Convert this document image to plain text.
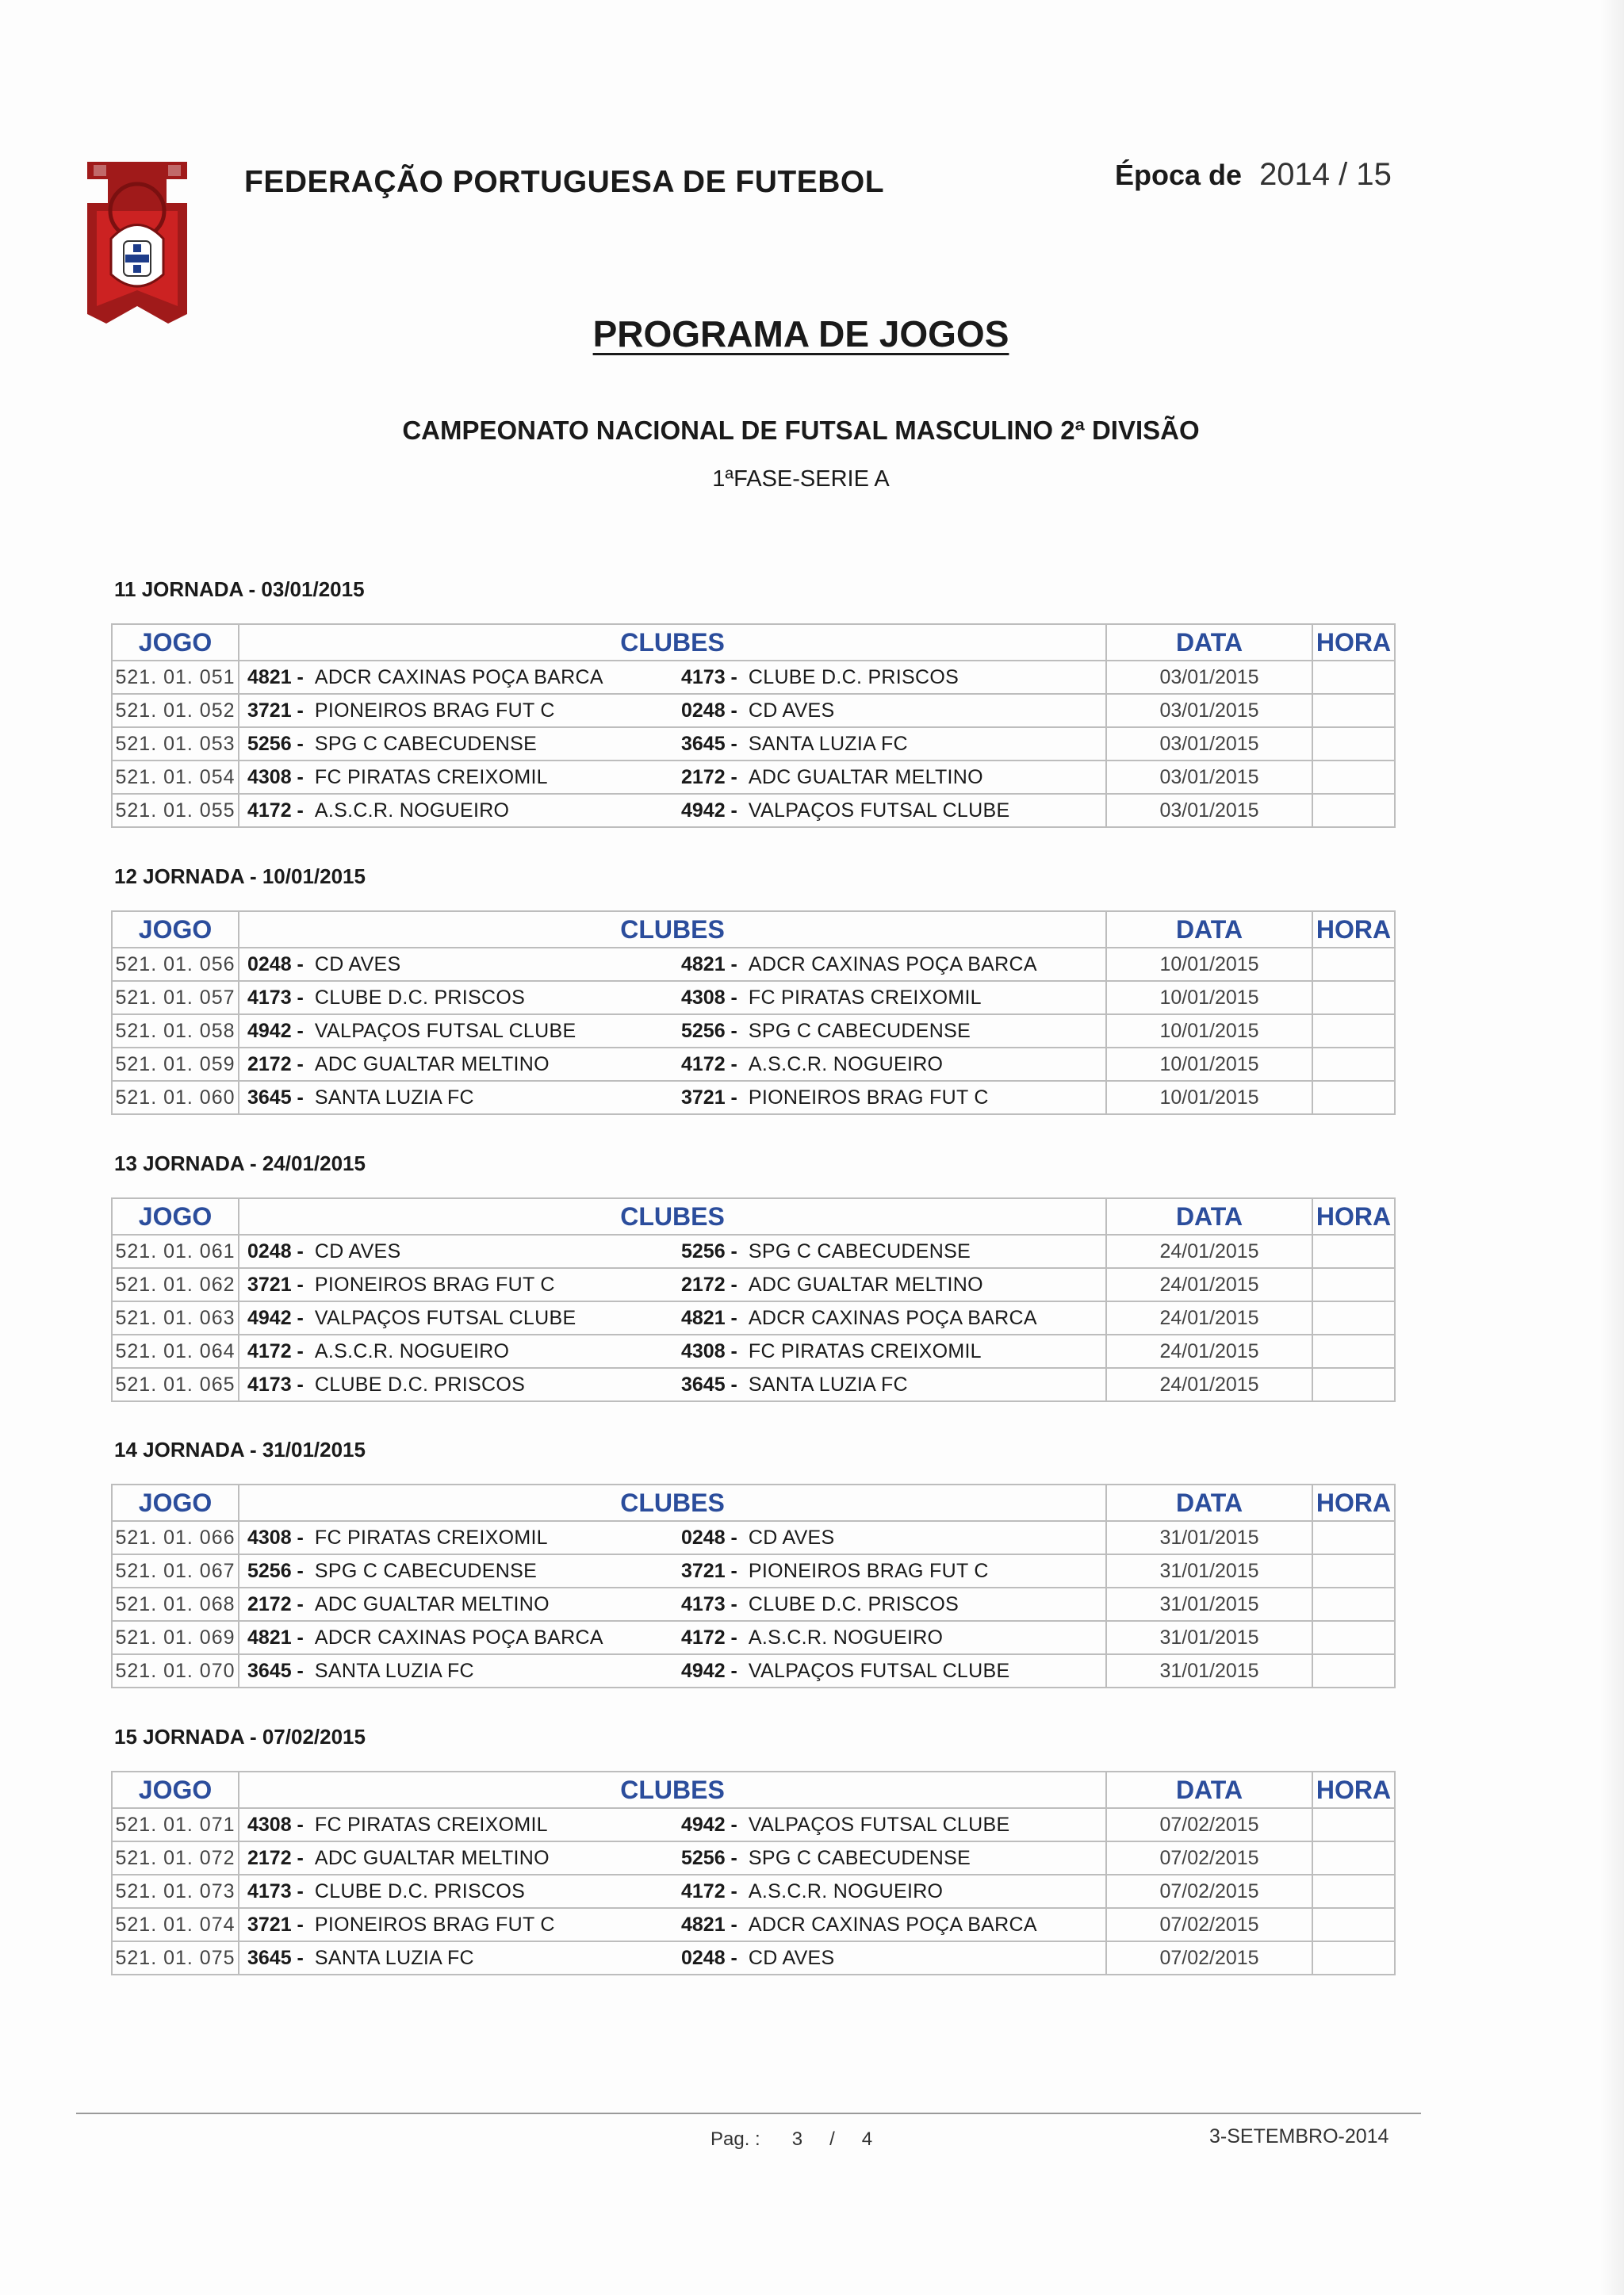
FEDERAÇÃO PORTUGUESA DE FUTEBOL	Época de 2014 / 15
PROGRAMA DE JOGOS
CAMPEONATO NACIONAL DE FUTSAL MASCULINO 2ª DIVISÃO
1ªFASE-SERIE A
11 JORNADA - 03/01/2015
JOGO	CLUBES		DATA	HORA
521. 01. 051	4821 - ADCR CAXINAS POÇA BARCA	4173 - CLUBE D.C. PRISCOS	03/01/2015	
521. 01. 052	3721 - PIONEIROS BRAG FUT C	0248 - CD AVES	03/01/2015	
521. 01. 053	5256 - SPG C CABECUDENSE	3645 - SANTA LUZIA FC	03/01/2015	
521. 01. 054	4308 - FC PIRATAS CREIXOMIL	2172 - ADC GUALTAR MELTINO	03/01/2015	
521. 01. 055	4172 - A.S.C.R. NOGUEIRO	4942 - VALPAÇOS FUTSAL CLUBE	03/01/2015	
12 JORNADA - 10/01/2015
JOGO	CLUBES		DATA	HORA
521. 01. 056	0248 - CD AVES	4821 - ADCR CAXINAS POÇA BARCA	10/01/2015	
521. 01. 057	4173 - CLUBE D.C. PRISCOS	4308 - FC PIRATAS CREIXOMIL	10/01/2015	
521. 01. 058	4942 - VALPAÇOS FUTSAL CLUBE	5256 - SPG C CABECUDENSE	10/01/2015	
521. 01. 059	2172 - ADC GUALTAR MELTINO	4172 - A.S.C.R. NOGUEIRO	10/01/2015	
521. 01. 060	3645 - SANTA LUZIA FC	3721 - PIONEIROS BRAG FUT C	10/01/2015	
13 JORNADA - 24/01/2015
JOGO	CLUBES		DATA	HORA
521. 01. 061	0248 - CD AVES	5256 - SPG C CABECUDENSE	24/01/2015	
521. 01. 062	3721 - PIONEIROS BRAG FUT C	2172 - ADC GUALTAR MELTINO	24/01/2015	
521. 01. 063	4942 - VALPAÇOS FUTSAL CLUBE	4821 - ADCR CAXINAS POÇA BARCA	24/01/2015	
521. 01. 064	4172 - A.S.C.R. NOGUEIRO	4308 - FC PIRATAS CREIXOMIL	24/01/2015	
521. 01. 065	4173 - CLUBE D.C. PRISCOS	3645 - SANTA LUZIA FC	24/01/2015	
14 JORNADA - 31/01/2015
JOGO	CLUBES		DATA	HORA
521. 01. 066	4308 - FC PIRATAS CREIXOMIL	0248 - CD AVES	31/01/2015	
521. 01. 067	5256 - SPG C CABECUDENSE	3721 - PIONEIROS BRAG FUT C	31/01/2015	
521. 01. 068	2172 - ADC GUALTAR MELTINO	4173 - CLUBE D.C. PRISCOS	31/01/2015	
521. 01. 069	4821 - ADCR CAXINAS POÇA BARCA	4172 - A.S.C.R. NOGUEIRO	31/01/2015	
521. 01. 070	3645 - SANTA LUZIA FC	4942 - VALPAÇOS FUTSAL CLUBE	31/01/2015	
15 JORNADA - 07/02/2015
JOGO	CLUBES		DATA	HORA
521. 01. 071	4308 - FC PIRATAS CREIXOMIL	4942 - VALPAÇOS FUTSAL CLUBE	07/02/2015	
521. 01. 072	2172 - ADC GUALTAR MELTINO	5256 - SPG C CABECUDENSE	07/02/2015	
521. 01. 073	4173 - CLUBE D.C. PRISCOS	4172 - A.S.C.R. NOGUEIRO	07/02/2015	
521. 01. 074	3721 - PIONEIROS BRAG FUT C	4821 - ADCR CAXINAS POÇA BARCA	07/02/2015	
521. 01. 075	3645 - SANTA LUZIA FC	0248 - CD AVES	07/02/2015	
Pag. : 3 / 4	3-SETEMBRO-2014
